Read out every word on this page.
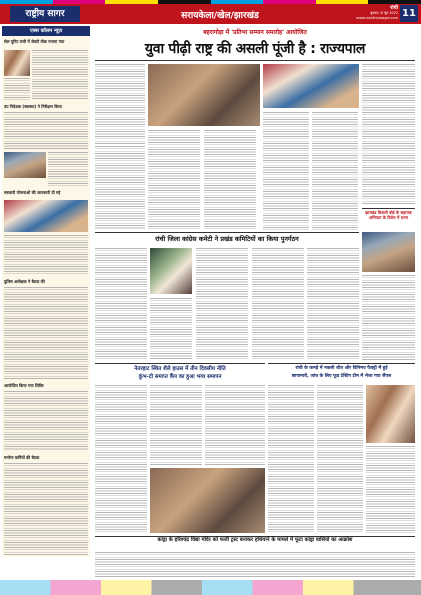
राष्ट्रीय सागर	सरायकेला/खेल/झारखंड
रांची
बुधवार, 8 जून 2022
www.rashtriyasagar.com 11
एक्स कॉलम न्यूज़
सेल यूनिट रांची में सेफ्टी वीक मनाया गया
उप निदेशक (स्वास्थ्य) ने निरीक्षण किया
सरकारी योजनाओं की जानकारी दी गई
पुलिस अधीक्षक ने बैठक की
आयोजित किया गया शिविर
मनरेगा कर्मियों की बैठक
बहरागोड़ा में 'प्रतिभा सम्मान समारोह' आयोजित
युवा पीढ़ी राष्ट्र की असली पूंजी है : राज्यपाल
रांची जिला कांग्रेस कमेटी ने प्रखंड कमिटियों का किया पुनर्गठन
झारखंड बिजली बोर्ड के सहायक अभियंता के विरोध में धरना
नेतरहाट स्थित शैले हाउस में तीन दिवसीय नीति
कुंभ-दो समाप्त कैंप का हुआ भव्य समापन
रांची के कमड़े में नकली शीत और विनिमय फैक्ट्री में हुई
छापामारी, जांच के लिए फूड टेस्टिंग टीम में भेजा गया सैंपल
कांड्रा के हरिश्चंद्र विद्या मंदिर को फर्जी ट्रस्ट बनाकर हथियाने के मामले में फूटा कांड्रा वासियों का आक्रोश
